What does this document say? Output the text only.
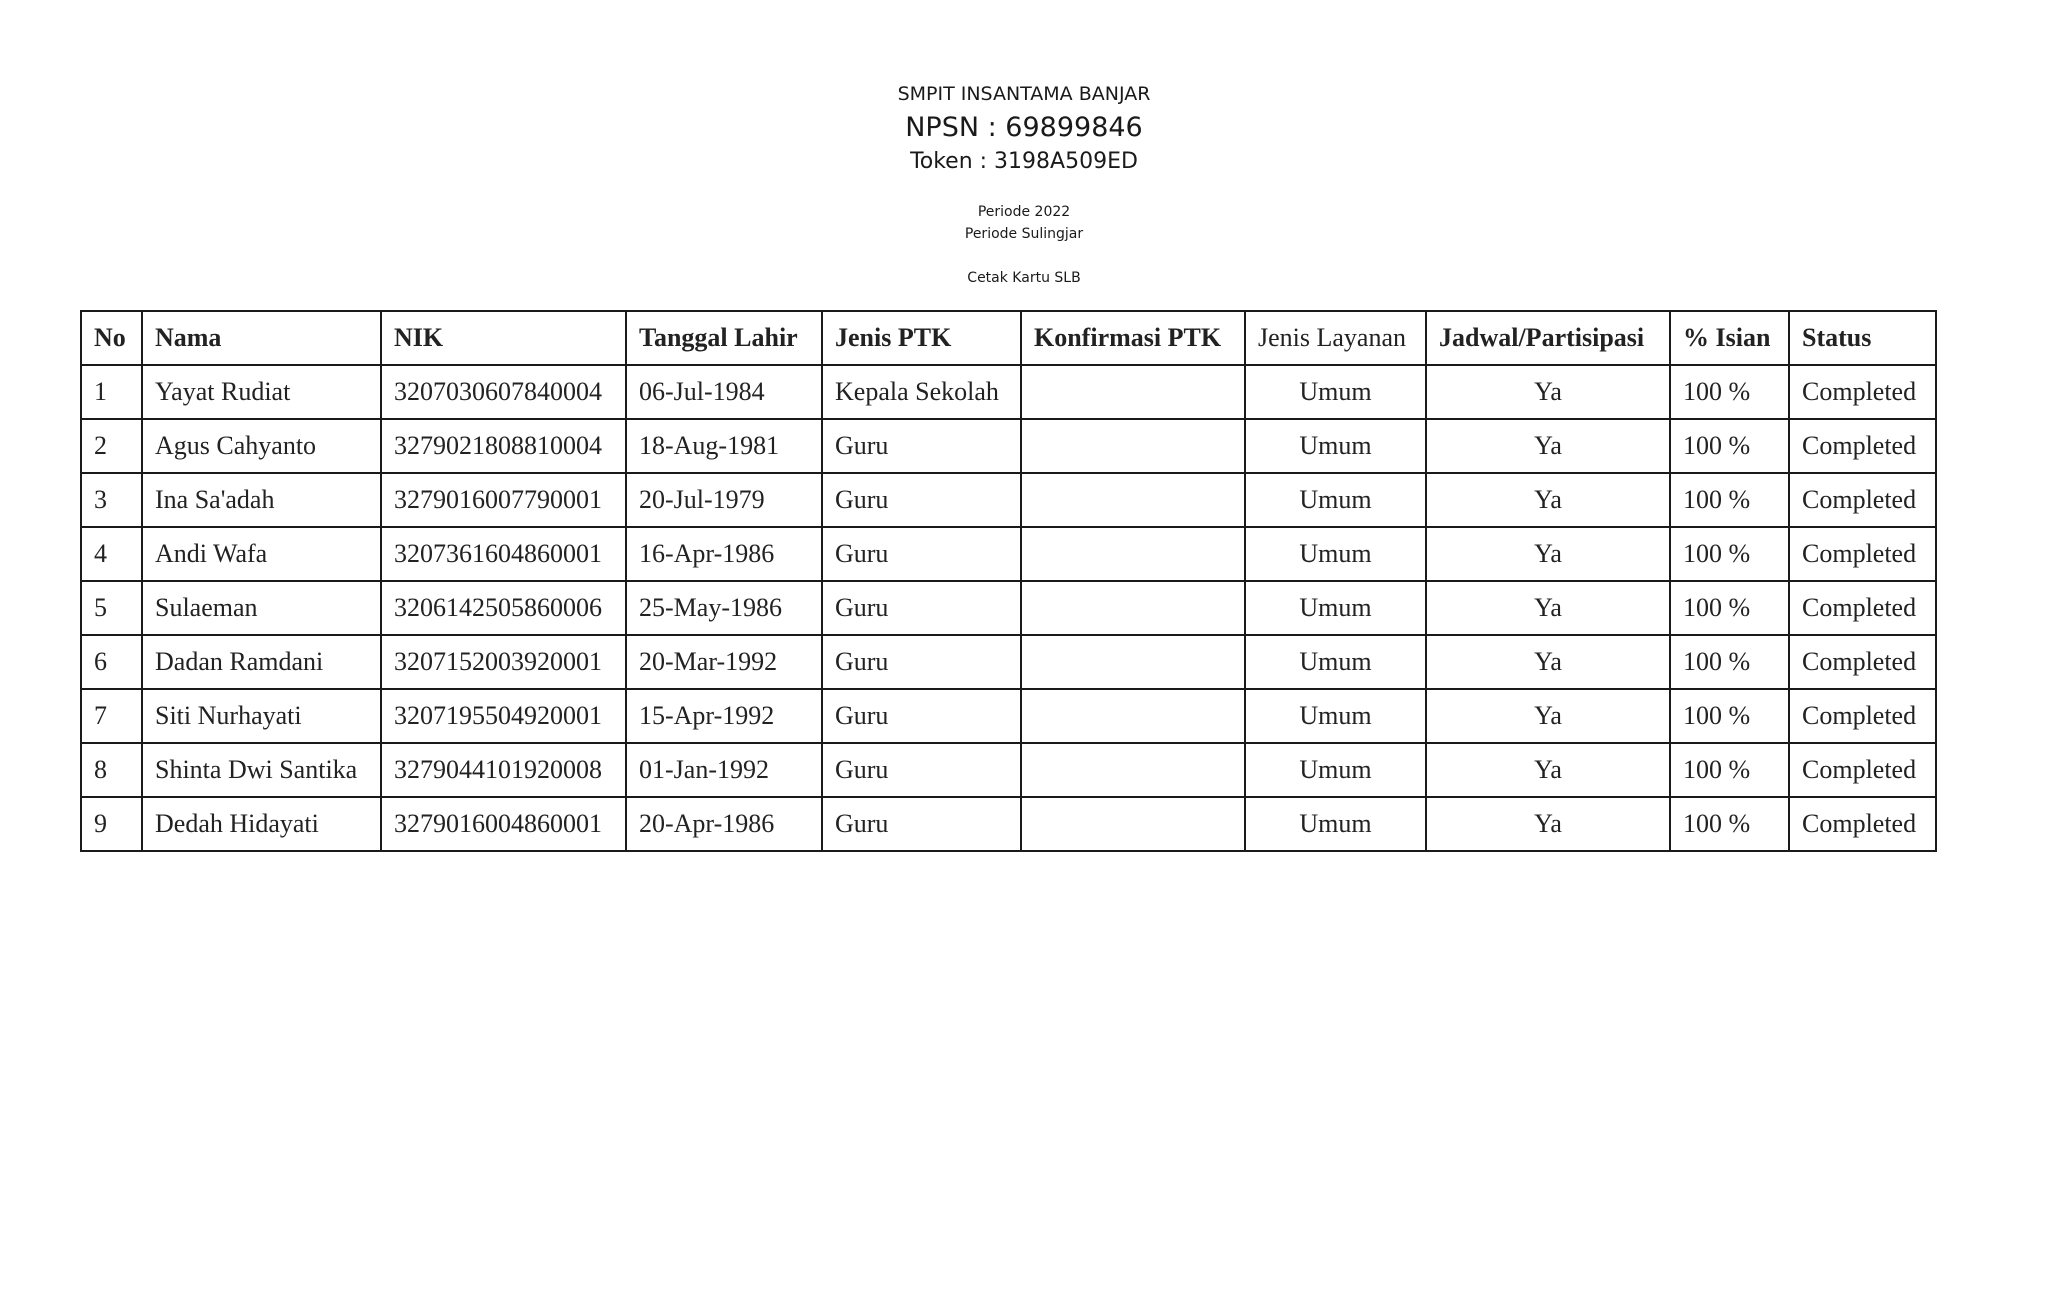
SMPIT INSANTAMA BANJAR
NPSN : 69899846
Token : 3198A509ED
Periode 2022
Periode Sulingjar
Cetak Kartu SLB
No	Nama	NIK	Tanggal Lahir	Jenis PTK	Konfirmasi PTK	Jenis Layanan	Jadwal/Partisipasi	% Isian	Status
1	Yayat Rudiat	3207030607840004	06-Jul-1984	Kepala Sekolah		Umum	Ya	100 %	Completed
2	Agus Cahyanto	3279021808810004	18-Aug-1981	Guru		Umum	Ya	100 %	Completed
3	Ina Sa'adah	3279016007790001	20-Jul-1979	Guru		Umum	Ya	100 %	Completed
4	Andi Wafa	3207361604860001	16-Apr-1986	Guru		Umum	Ya	100 %	Completed
5	Sulaeman	3206142505860006	25-May-1986	Guru		Umum	Ya	100 %	Completed
6	Dadan Ramdani	3207152003920001	20-Mar-1992	Guru		Umum	Ya	100 %	Completed
7	Siti Nurhayati	3207195504920001	15-Apr-1992	Guru		Umum	Ya	100 %	Completed
8	Shinta Dwi Santika	3279044101920008	01-Jan-1992	Guru		Umum	Ya	100 %	Completed
9	Dedah Hidayati	3279016004860001	20-Apr-1986	Guru		Umum	Ya	100 %	Completed
